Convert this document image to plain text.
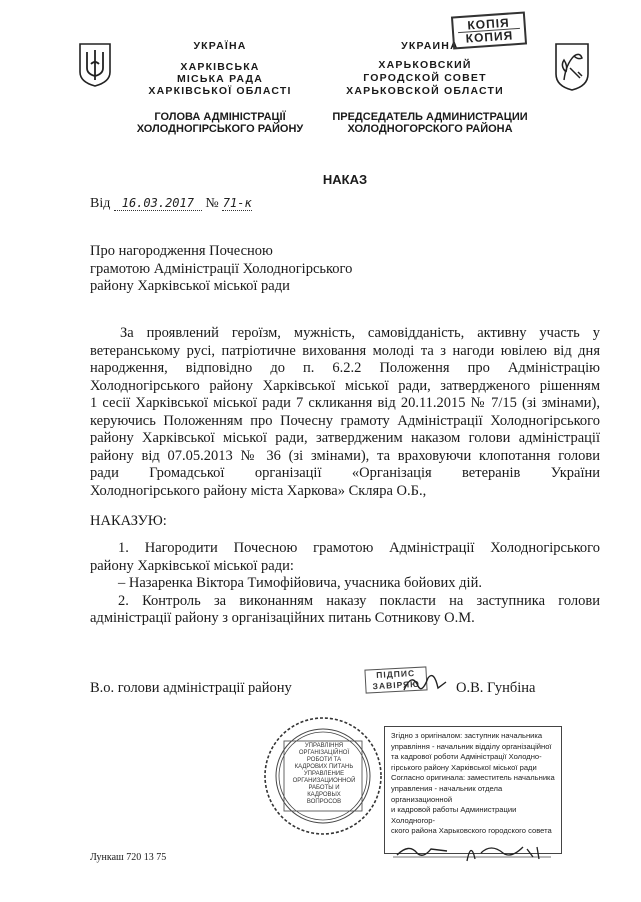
УКРАЇНА
ХАРКІВСЬКА
МІСЬКА РАДА
ХАРКІВСЬКОЇ ОБЛАСТІ
ГОЛОВА АДМІНІСТРАЦІЇ
ХОЛОДНОГІРСЬКОГО РАЙОНУ
УКРАИНА
ХАРЬКОВСКИЙ
ГОРОДСКОЙ СОВЕТ
ХАРЬКОВСКОЙ ОБЛАСТИ
ПРЕДСЕДАТЕЛЬ АДМИНИСТРАЦИИ
ХОЛОДНОГОРСКОГО РАЙОНА
КОПІЯ
КОПИЯ
НАКАЗ
Від 16.03.2017 № 71-к
Про нагородження Почесною
грамотою Адміністрації Холодногірського
району Харківської міської ради
За проявлений героїзм, мужність, самовідданість, активну участь у
ветеранському русі, патріотичне виховання молоді та з нагоди ювілею від дня
народження, відповідно до п. 6.2.2 Положення про Адміністрацію
Холодногірського району Харківської міської ради, затвердженого рішенням
1 сесії Харківської міської ради 7 скликання від 20.11.2015 № 7/15 (зі змінами),
керуючись Положенням про Почесну грамоту Адміністрації Холодногірського
району Харківської міської ради, затвердженим наказом голови адміністрації
району від 07.05.2013 № 36 (зі змінами), та враховуючи клопотання голови
ради Громадської організації «Організація ветеранів України
Холодногірського району міста Харкова» Скляра О.Б.,
НАКАЗУЮ:
1. Нагородити Почесною грамотою Адміністрації Холодногірського
району Харківської міської ради:
– Назаренка Віктора Тимофійовича, учасника бойових дій.
2. Контроль за виконанням наказу покласти на заступника голови
адміністрації району з організаційних питань Сотникову О.М.
В.о. голови адміністрації району
ПІДПИС
ЗАВІРЯЮ	О.В. Гунбіна
УПРАВЛІННЯ
ОРГАНІЗАЦІЙНОЇ
РОБОТИ ТА
КАДРОВИХ ПИТАНЬ
УПРАВЛЕНИЕ
ОРГАНИЗАЦИОННОЙ
РАБОТЫ И
КАДРОВЫХ
ВОПРОСОВ
Згідно з оригіналом: заступник начальника
управління - начальник відділу організаційної
та кадрової роботи Адміністрації Холодно-
гірського району Харківської міської ради
Согласно оригинала: заместитель начальника
управления - начальник отдела организационной
и кадровой работы Администрации Холодногор-
ского района Харьковского городского совета
Лункаш 720 13 75
